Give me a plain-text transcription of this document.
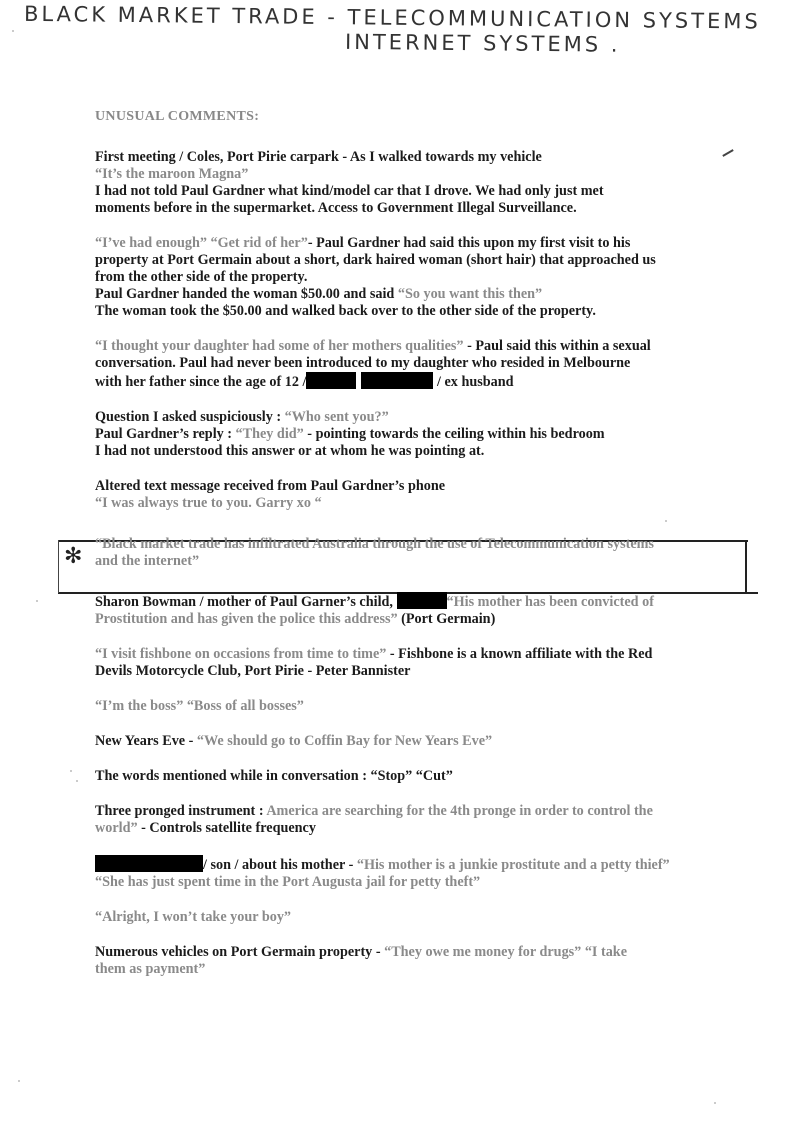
BLACK MARKET TRADE - TELECOMMUNICATION SYSTEMS
INTERNET SYSTEMS .
✻
UNUSUAL COMMENTS:
First meeting / Coles, Port Pirie carpark - As I walked towards my vehicle
“It’s the maroon Magna”
I had not told Paul Gardner what kind/model car that I drove. We had only just met
moments before in the supermarket. Access to Government Illegal Surveillance.
“I’ve had enough” “Get rid of her”- Paul Gardner had said this upon my first visit to his
property at Port Germain about a short, dark haired woman (short hair) that approached us
from the other side of the property.
Paul Gardner handed the woman $50.00 and said “So you want this then”
The woman took the $50.00 and walked back over to the other side of the property.
“I thought your daughter had some of her mothers qualities” - Paul said this within a sexual
conversation. Paul had never been introduced to my daughter who resided in Melbourne
with her father since the age of 12 /	/ ex husband
Question I asked suspiciously : “Who sent you?”
Paul Gardner’s reply : “They did” - pointing towards the ceiling within his bedroom
I had not understood this answer or at whom he was pointing at.
Altered text message received from Paul Gardner’s phone
“I was always true to you. Garry xo “
“Black market trade has infiltrated Australia through the use of Telecommunication systems
and the internet”
Sharon Bowman / mother of Paul Garner’s child,	“His mother has been convicted of
Prostitution and has given the police this address” (Port Germain)
“I visit fishbone on occasions from time to time” - Fishbone is a known affiliate with the Red
Devils Motorcycle Club, Port Pirie - Peter Bannister
“I’m the boss” “Boss of all bosses”
New Years Eve - “We should go to Coffin Bay for New Years Eve”
The words mentioned while in conversation : “Stop” “Cut”
Three pronged instrument : America are searching for the 4th pronge in order to control the
world” - Controls satellite frequency
/ son / about his mother - “His mother is a junkie prostitute and a petty thief”
“She has just spent time in the Port Augusta jail for petty theft”
“Alright, I won’t take your boy”
Numerous vehicles on Port Germain property - “They owe me money for drugs” “I take
them as payment”
